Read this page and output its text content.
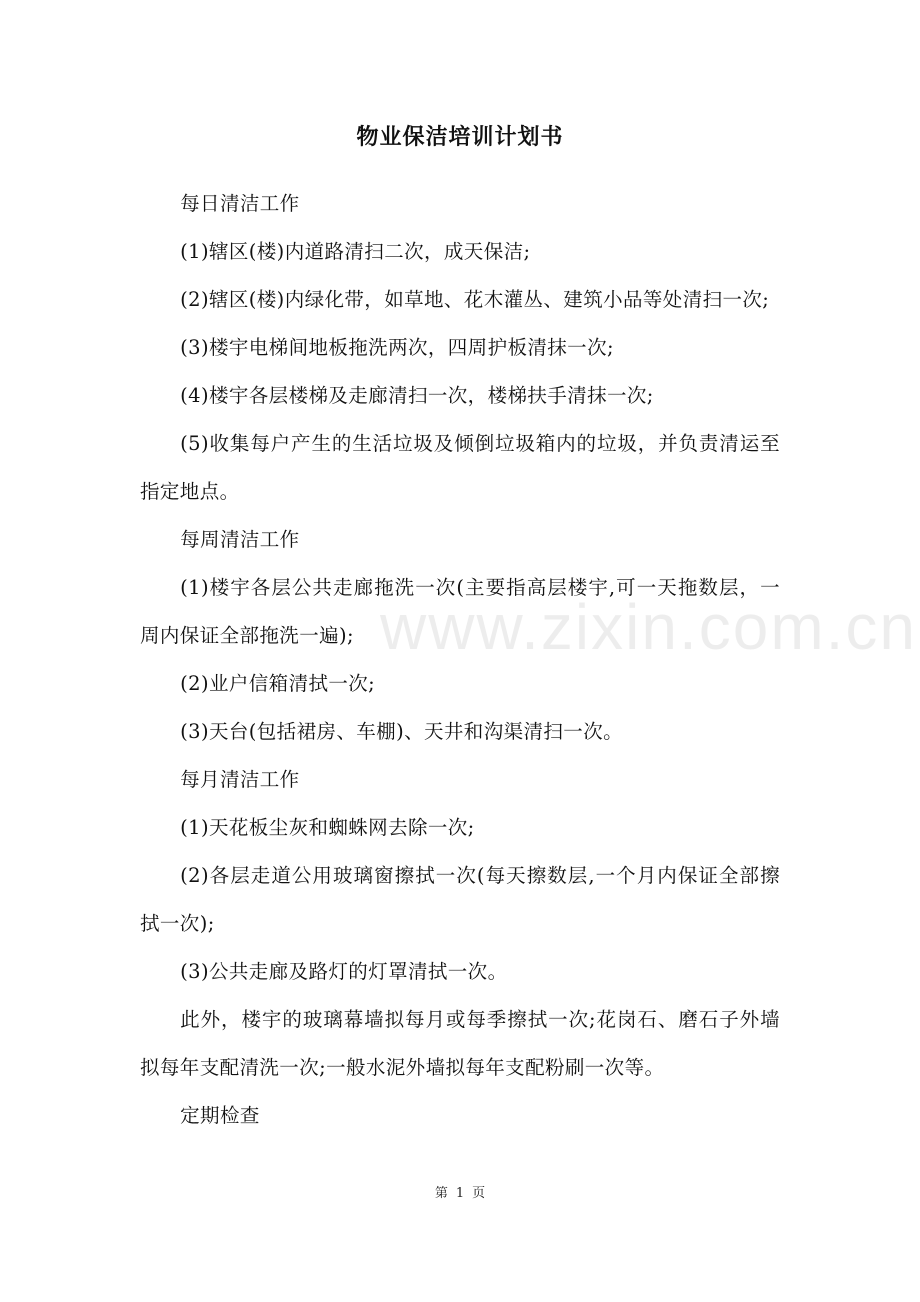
www.zixin.com.cn
物业保洁培训计划书

每日清洁工作

(1)辖区(楼)内道路清扫二次，成天保洁;

(2)辖区(楼)内绿化带，如草地、花木灌丛、建筑小品等处清扫一次;

(3)楼宇电梯间地板拖洗两次，四周护板清抹一次;

(4)楼宇各层楼梯及走廊清扫一次，楼梯扶手清抹一次;

(5)收集每户产生的生活垃圾及倾倒垃圾箱内的垃圾，并负责清运至指定地点。

每周清洁工作

(1)楼宇各层公共走廊拖洗一次(主要指高层楼宇,可一天拖数层，一周内保证全部拖洗一遍);

(2)业户信箱清拭一次;

(3)天台(包括裙房、车棚)、天井和沟渠清扫一次。

每月清洁工作

(1)天花板尘灰和蜘蛛网去除一次;

(2)各层走道公用玻璃窗擦拭一次(每天擦数层,一个月内保证全部擦拭一次);

(3)公共走廊及路灯的灯罩清拭一次。

此外，楼宇的玻璃幕墙拟每月或每季擦拭一次;花岗石、磨石子外墙拟每年支配清洗一次;一般水泥外墙拟每年支配粉刷一次等。

定期检查

第 1 页
